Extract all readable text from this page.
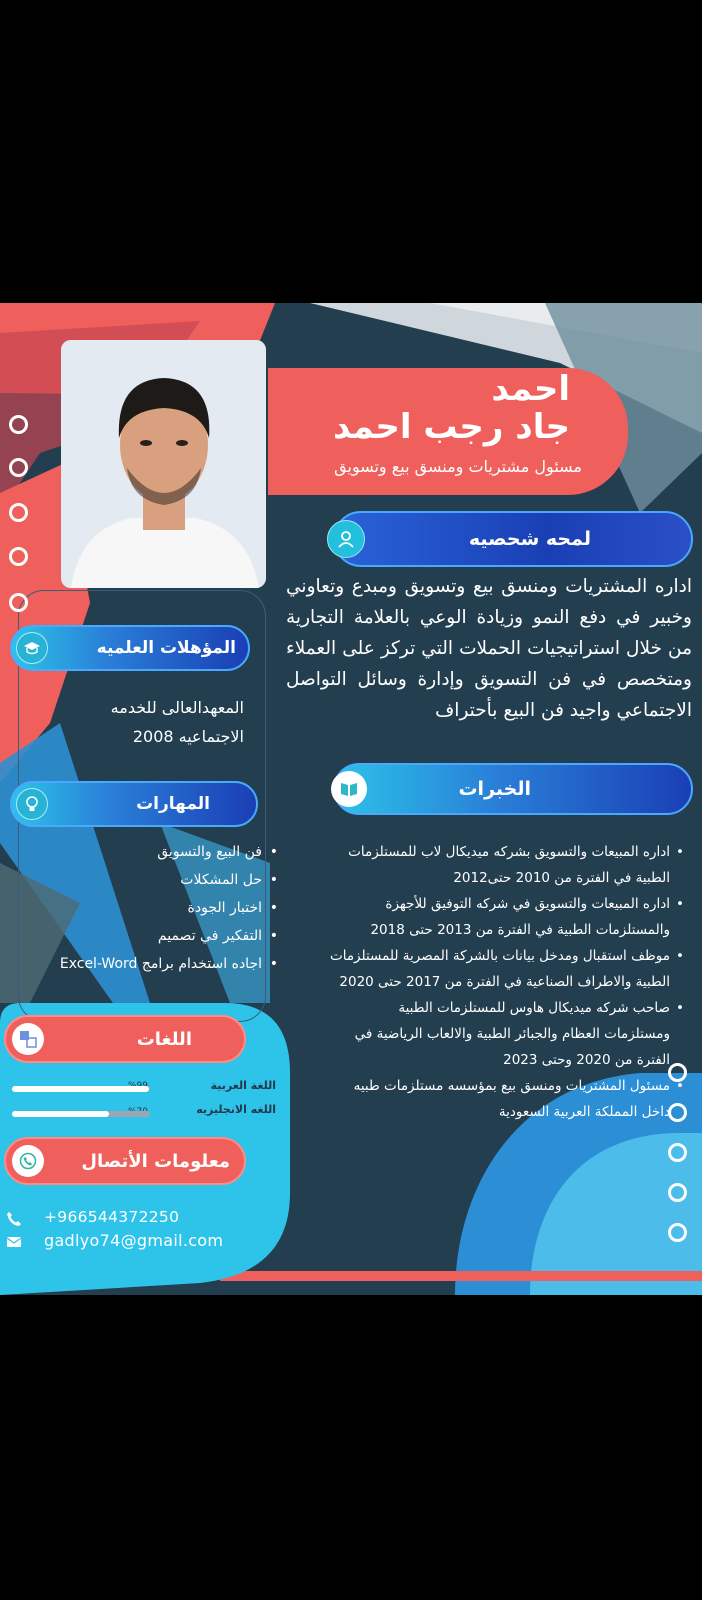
احمد
جاد رجب احمد
مسئول مشتريات ومنسق بيع وتسويق
لمحه شحصيه
اداره المشتريات ومنسق بيع وتسويق ومبدع وتعاوني وخبير في دفع النمو وزيادة الوعي بالعلامة التجارية من خلال استراتيجيات الحملات التي تركز على العملاء ومتخصص في فن التسويق وإدارة وسائل التواصل الاجتماعي واجيد فن البيع بأحتراف
الخبرات
• اداره المبيعات والتسويق بشركه ميديكال لاب للمستلزمات الطبية في الفترة من 2010 حتى2012
• اداره المبيعات والتسويق في شركه التوفيق للأجهزة والمستلزمات الطبية في الفترة من 2013 حتى 2018
• موظف استقبال ومدخل بيانات بالشركة المصرية للمستلزمات الطبية والاطراف الصناعية في الفترة من 2017 حتى 2020
• صاحب شركه ميديكال هاوس للمستلزمات الطبية ومستلزمات العظام والجبائر الطبية والالعاب الرياضية في الفترة من 2020 وحتى 2023
• مسئول المشتريات ومنسق بيع بمؤسسه مستلزمات طبيه داخل المملكة العربية السعودية
المؤهلات العلميه
المعهدالعالى للخدمه الاجتماعيه 2008
المهارات
• فن البيع والتسويق
• حل المشكلات
• اختبار الجودة
• التفكير في تصميم
• اجاده استخدام برامج Excel-Word
اللغات
اللغة العربية
اللغه الانجليزيه
معلومات الأتصال
+966544372250
gadlyo74@gmail.com
